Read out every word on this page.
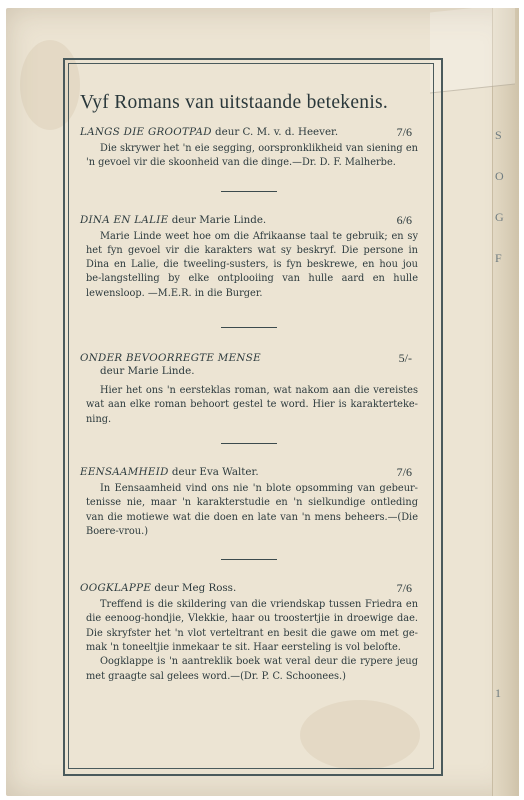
S
O
G
F
1
Vyf Romans van uitstaande betekenis.
LANGS DIE GROOTPAD deur C. M. v. d. Heever.	7/6

Die skrywer het 'n eie segging, oorspronklikheid van siening en 'n gevoel vir die skoonheid van die dinge.—Dr. D. F. Malherbe.

DINA EN LALIE deur Marie Linde.	6/6

Marie Linde weet hoe om die Afrikaanse taal te gebruik; en sy het fyn gevoel vir die karakters wat sy beskryf. Die persone in Dina en Lalie, die tweeling-susters, is fyn beskrewe, en hou jou be-langstelling by elke ontplooiing van hulle aard en hulle lewensloop. —M.E.R. in die Burger.

ONDER BEVOORREGTE MENSE	5/-
deur Marie Linde.

Hier het ons 'n eersteklas roman, wat nakom aan die vereistes wat aan elke roman behoort gestel te word. Hier is karakterteke-ning.

EENSAAMHEID deur Eva Walter.	7/6

In Eensaamheid vind ons nie 'n blote opsomming van gebeur-tenisse nie, maar 'n karakterstudie en 'n sielkundige ontleding van die motiewe wat die doen en late van 'n mens beheers.—(Die Boere-vrou.)

OOGKLAPPE deur Meg Ross.	7/6

Treffend is die skildering van die vriendskap tussen Friedra en die eenoog-hondjie, Vlekkie, haar ou troostertjie in droewige dae. Die skryfster het 'n vlot verteltrant en besit die gawe om met ge-mak 'n toneeltjie inmekaar te sit. Haar eersteling is vol belofte.

Oogklappe is 'n aantreklik boek wat veral deur die rypere jeug met graagte sal gelees word.—(Dr. P. C. Schoonees.)
